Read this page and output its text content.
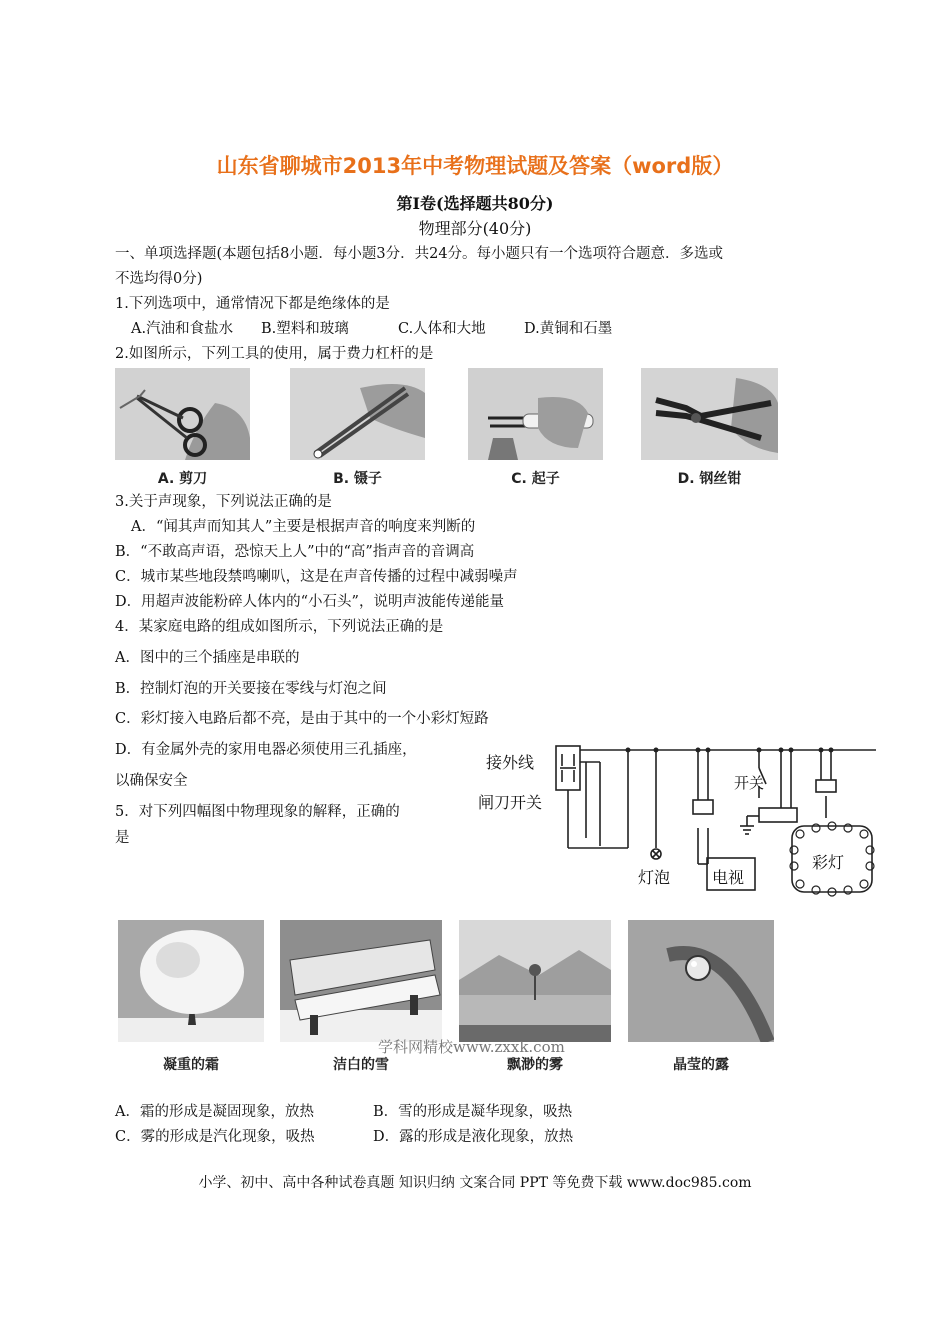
山东省聊城市2013年中考物理试题及答案（word版）
第Ⅰ卷(选择题共80分)
物理部分(40分)
一、单项选择题(本题包括8小题．每小题3分．共24分。每小题只有一个选项符合题意．多选或
不选均得0分)
1.下列选项中，通常情况下都是绝缘体的是
A.汽油和食盐水 B.塑料和玻璃	C.人体和大地	D.黄铜和石墨
2.如图所示，下列工具的使用，属于费力杠杆的是
A. 剪刀	B. 镊子	C. 起子	D. 钢丝钳
3.关于声现象，下列说法正确的是
A．“闻其声而知其人”主要是根据声音的响度来判断的
B．“不敢高声语，恐惊天上人”中的“高”指声音的音调高
C．城市某些地段禁鸣喇叭，这是在声音传播的过程中减弱噪声
D．用超声波能粉碎人体内的“小石头”，说明声波能传递能量
4．某家庭电路的组成如图所示，下列说法正确的是
A．图中的三个插座是串联的
B．控制灯泡的开关要接在零线与灯泡之间
C．彩灯接入电路后都不亮，是由于其中的一个小彩灯短路
D．有金属外壳的家用电器必须使用三孔插座，
以确保安全
接外线
闸刀开关
开关
灯泡	电视
彩灯
5．对下列四幅图中物理现象的解释，正确的
是
凝重的霜	洁白的雪	飘渺的雾	晶莹的露
学科网精校www.zxxk.com
A．霜的形成是凝固现象，放热	B．雪的形成是凝华现象，吸热
C．雾的形成是汽化现象，吸热	D．露的形成是液化现象，放热
小学、初中、高中各种试卷真题 知识归纳 文案合同 PPT 等免费下载 www.doc985.com
